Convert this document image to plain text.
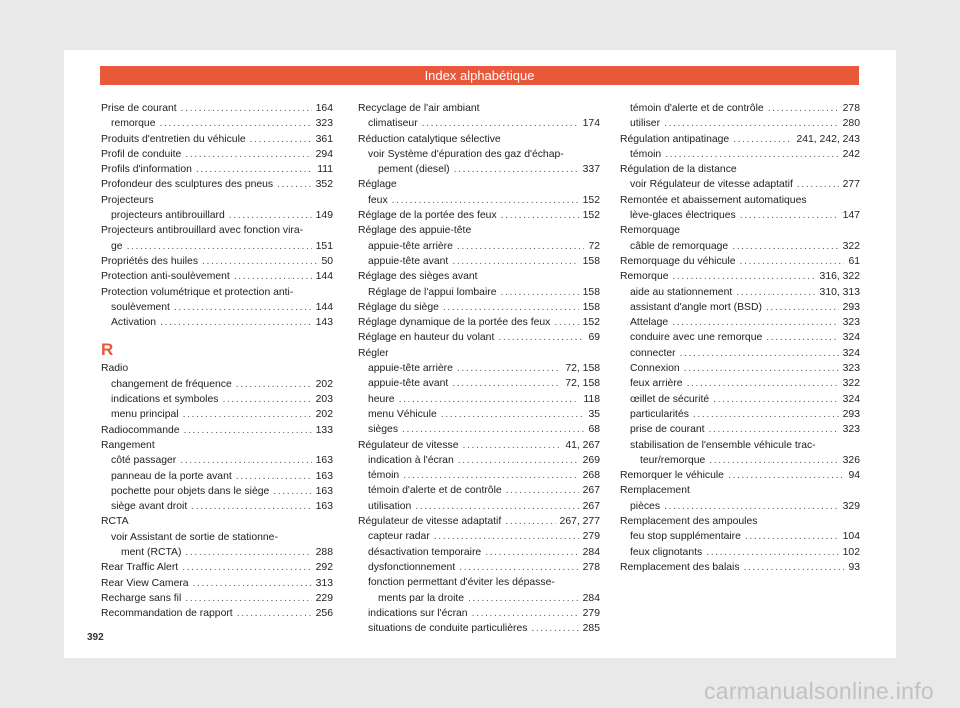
Index alphabétique
Prise de courant .....	164
remorque .....	323
Produits d'entretien du véhicule .....	361
Profil de conduite .....	294
Profils d'information .....	111
Profondeur des sculptures des pneus .....	352
Projecteurs
projecteurs antibrouillard .....	149
Projecteurs antibrouillard avec fonction vira-
ge .....	151
Propriétés des huiles .....	50
Protection anti-soulèvement .....	144
Protection volumétrique et protection anti-
soulèvement .....	144
Activation .....	143
R
Radio
changement de fréquence .....	202
indications et symboles .....	203
menu principal .....	202
Radiocommande .....	133
Rangement
côté passager .....	163
panneau de la porte avant .....	163
pochette pour objets dans le siège .....	163
siège avant droit .....	163
RCTA
voir Assistant de sortie de stationne-
ment (RCTA) .....	288
Rear Traffic Alert .....	292
Rear View Camera .....	313
Recharge sans fil .....	229
Recommandation de rapport .....	256
Recyclage de l'air ambiant
climatiseur .....	174
Réduction catalytique sélective
voir Système d'épuration des gaz d'échap-
pement (diesel) .....	337
Réglage
feux .....	152
Réglage de la portée des feux .....	152
Réglage des appuie-tête
appuie-tête arrière .....	72
appuie-tête avant .....	158
Réglage des sièges avant
Réglage de l'appui lombaire .....	158
Réglage du siège .....	158
Réglage dynamique de la portée des feux .....	152
Réglage en hauteur du volant .....	69
Régler
appuie-tête arrière .....	72, 158
appuie-tête avant .....	72, 158
heure .....	118
menu Véhicule .....	35
sièges .....	68
Régulateur de vitesse .....	41, 267
indication à l'écran .....	269
témoin .....	268
témoin d'alerte et de contrôle .....	267
utilisation .....	267
Régulateur de vitesse adaptatif .....	267, 277
capteur radar .....	279
désactivation temporaire .....	284
dysfonctionnement .....	278
fonction permettant d'éviter les dépasse-
ments par la droite .....	284
indications sur l'écran .....	279
situations de conduite particulières .....	285
témoin d'alerte et de contrôle .....	278
utiliser .....	280
Régulation antipatinage .....	241, 242, 243
témoin .....	242
Régulation de la distance
voir Régulateur de vitesse adaptatif .....	277
Remontée et abaissement automatiques
lève-glaces électriques .....	147
Remorquage
câble de remorquage .....	322
Remorquage du véhicule .....	61
Remorque .....	316, 322
aide au stationnement .....	310, 313
assistant d'angle mort (BSD) .....	293
Attelage .....	323
conduire avec une remorque .....	324
connecter .....	324
Connexion .....	323
feux arrière .....	322
œillet de sécurité .....	324
particularités .....	293
prise de courant .....	323
stabilisation de l'ensemble véhicule trac-
teur/remorque .....	326
Remorquer le véhicule .....	94
Remplacement
pièces .....	329
Remplacement des ampoules
feu stop supplémentaire .....	104
feux clignotants .....	102
Remplacement des balais .....	93
392
carmanualsonline.info
